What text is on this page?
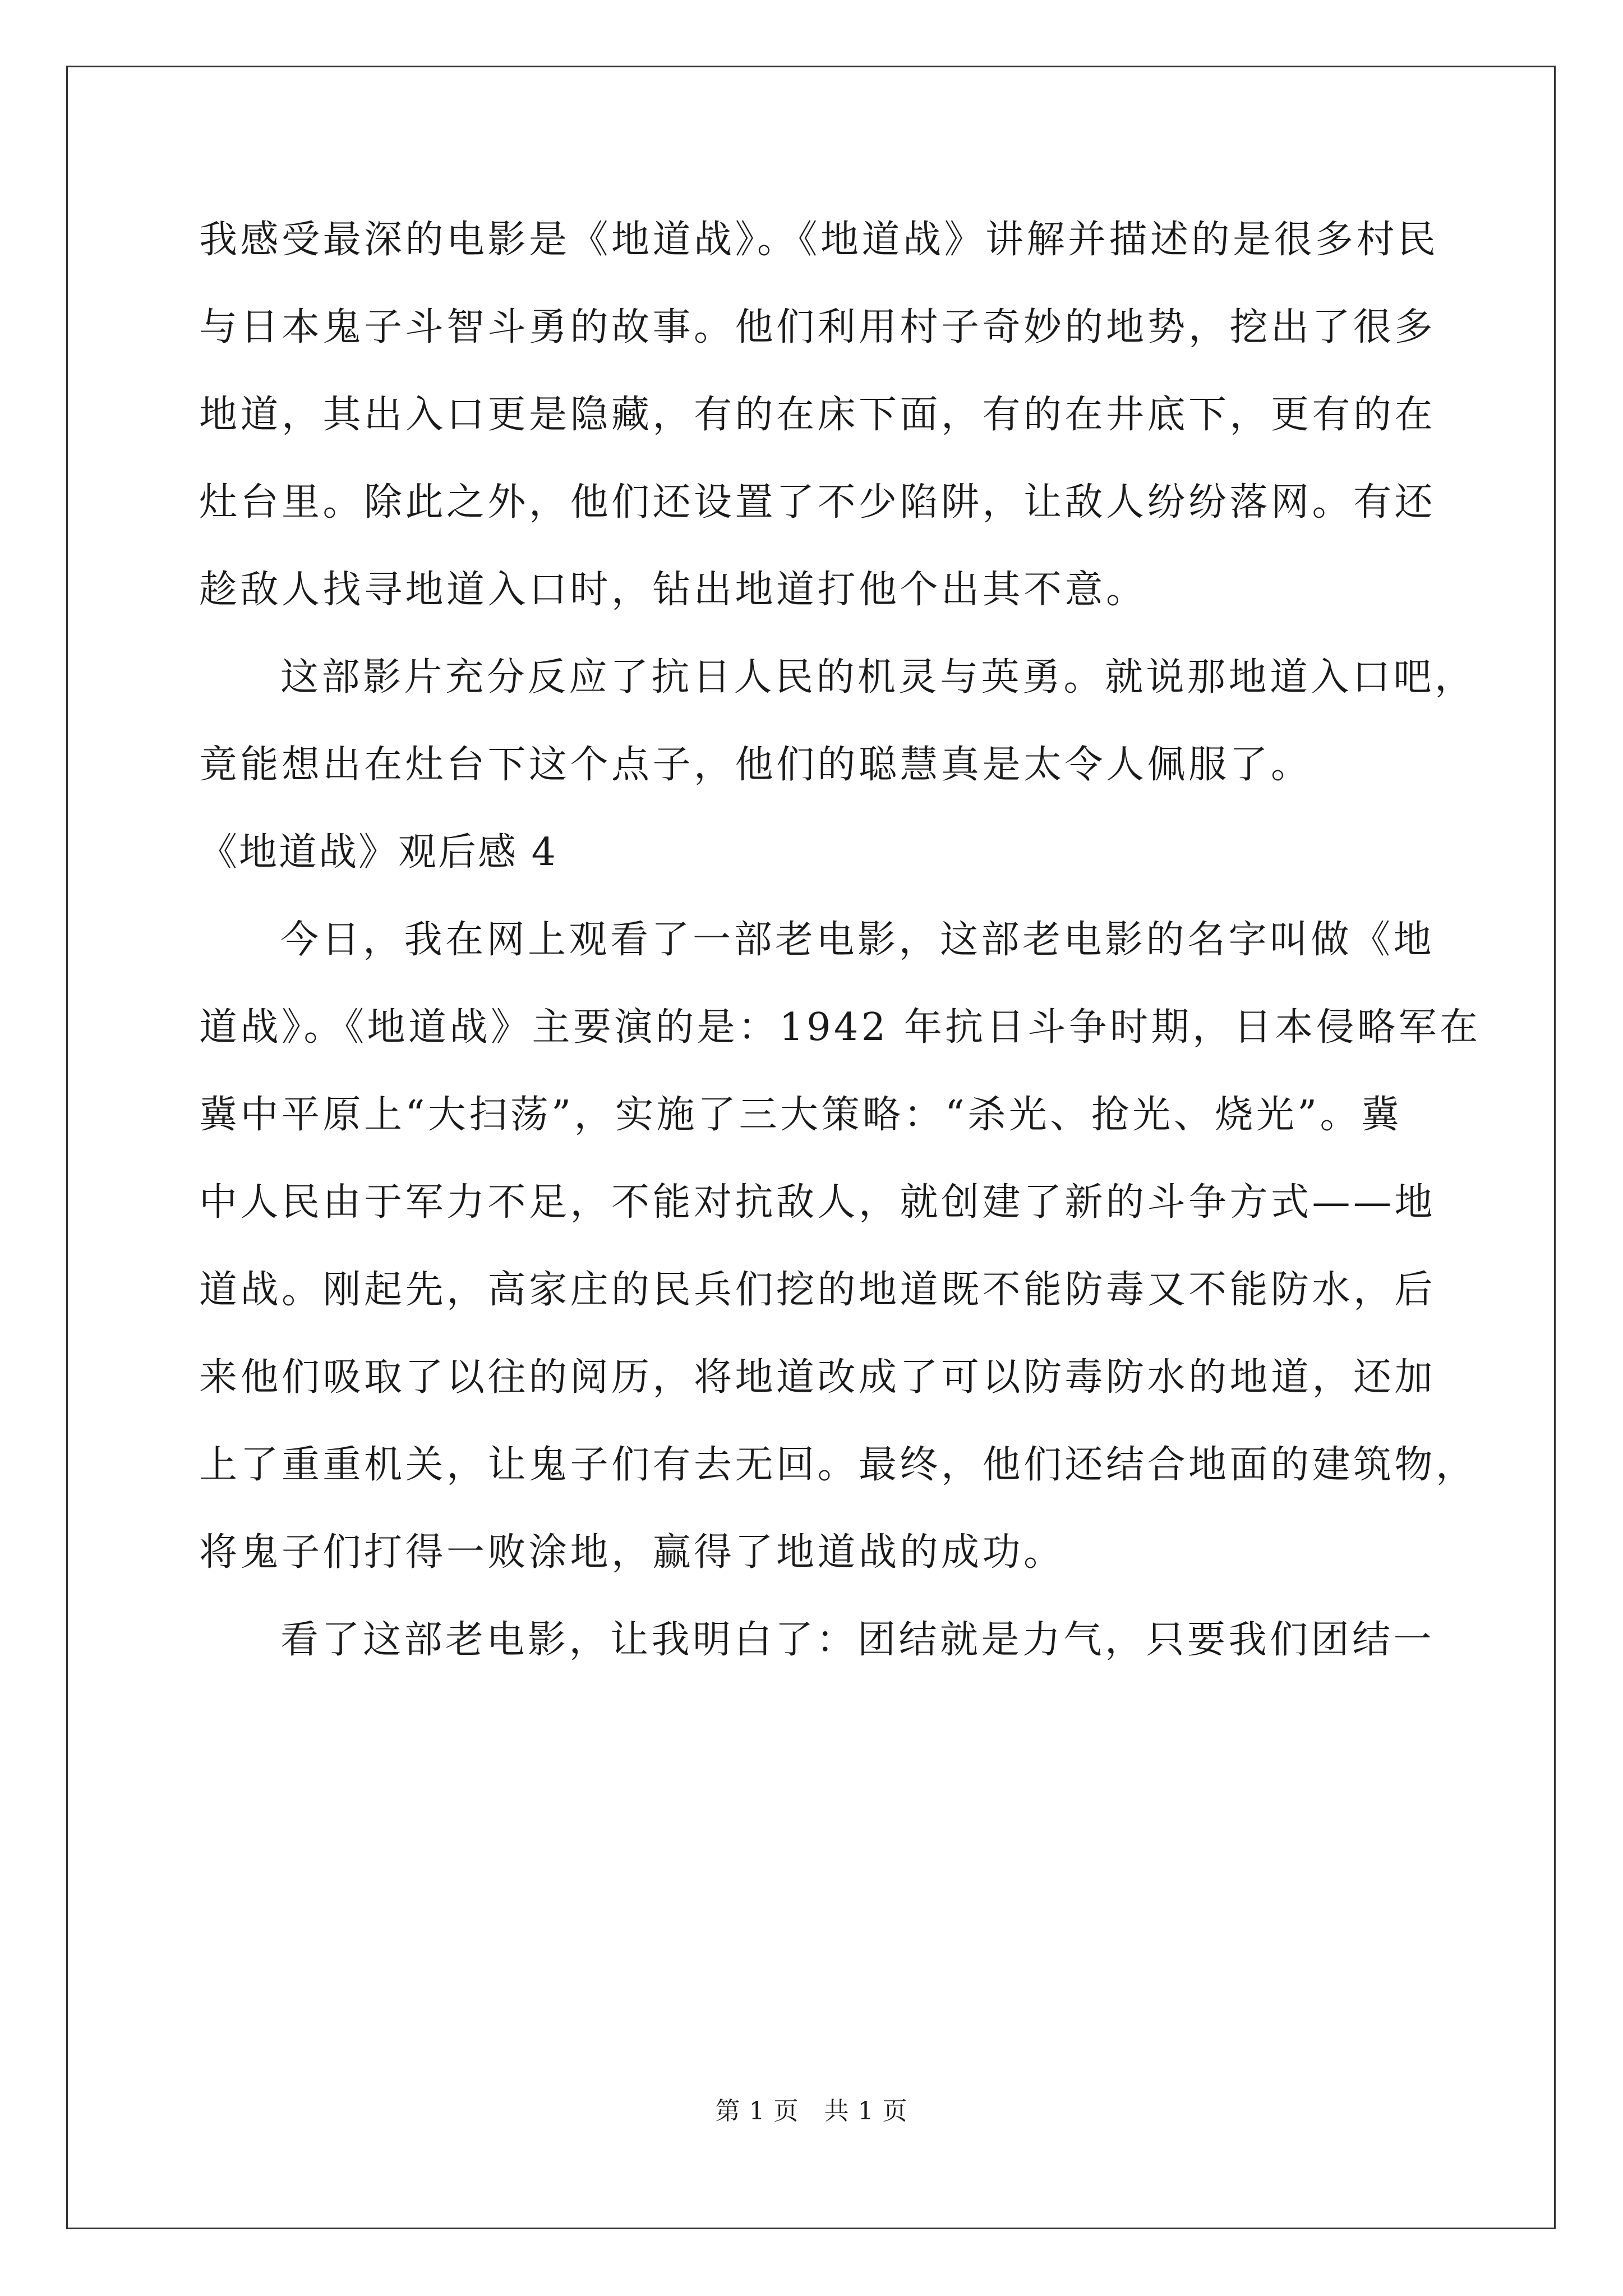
我感受最深的电影是《地道战》。《地道战》讲解并描述的是很多村民

与日本鬼子斗智斗勇的故事。他们利用村子奇妙的地势，挖出了很多

地道，其出入口更是隐藏，有的在床下面，有的在井底下，更有的在

灶台里。除此之外，他们还设置了不少陷阱，让敌人纷纷落网。有还

趁敌人找寻地道入口时，钻出地道打他个出其不意。

这部影片充分反应了抗日人民的机灵与英勇。就说那地道入口吧，

竟能想出在灶台下这个点子，他们的聪慧真是太令人佩服了。

《地道战》观后感 4

今日，我在网上观看了一部老电影，这部老电影的名字叫做《地

道战》。《地道战》主要演的是：1942 年抗日斗争时期，日本侵略军在

冀中平原上“大扫荡”，实施了三大策略：“杀光、抢光、烧光”。冀

中人民由于军力不足，不能对抗敌人，就创建了新的斗争方式——地

道战。刚起先，高家庄的民兵们挖的地道既不能防毒又不能防水，后

来他们吸取了以往的阅历，将地道改成了可以防毒防水的地道，还加

上了重重机关，让鬼子们有去无回。最终，他们还结合地面的建筑物，

将鬼子们打得一败涂地，赢得了地道战的成功。

看了这部老电影，让我明白了：团结就是力气，只要我们团结一

第 1 页   共 1 页
